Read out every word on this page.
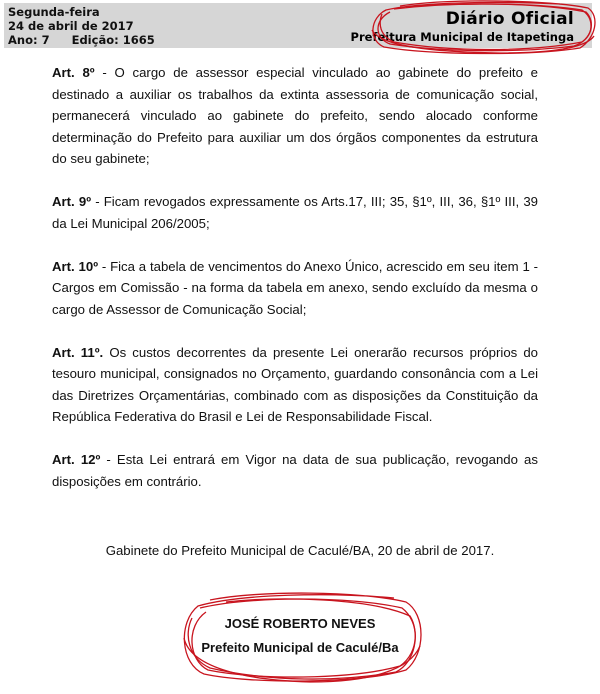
Segunda-feira
24 de abril de 2017
Ano: 7 Edição: 1665
Diário Oficial
Prefeitura Municipal de Itapetinga

Art. 8º - O cargo de assessor especial vinculado ao gabinete do prefeito e destinado a auxiliar os trabalhos da extinta assessoria de comunicação social, permanecerá vinculado ao gabinete do prefeito, sendo alocado conforme determinação do Prefeito para auxiliar um dos órgãos componentes da estrutura do seu gabinete;

Art. 9º - Ficam revogados expressamente os Arts.17, III; 35, §1º, III, 36, §1º III, 39 da Lei Municipal 206/2005;

Art. 10º - Fica a tabela de vencimentos do Anexo Único, acrescido em seu item 1 - Cargos em Comissão - na forma da tabela em anexo, sendo excluído da mesma o cargo de Assessor de Comunicação Social;

Art. 11º. Os custos decorrentes da presente Lei onerarão recursos próprios do tesouro municipal, consignados no Orçamento, guardando consonância com a Lei das Diretrizes Orçamentárias, combinado com as disposições da Constituição da República Federativa do Brasil e Lei de Responsabilidade Fiscal.

Art. 12º - Esta Lei entrará em Vigor na data de sua publicação, revogando as disposições em contrário.

Gabinete do Prefeito Municipal de Caculé/BA, 20 de abril de 2017.
JOSÉ ROBERTO NEVES
Prefeito Municipal de Caculé/Ba
